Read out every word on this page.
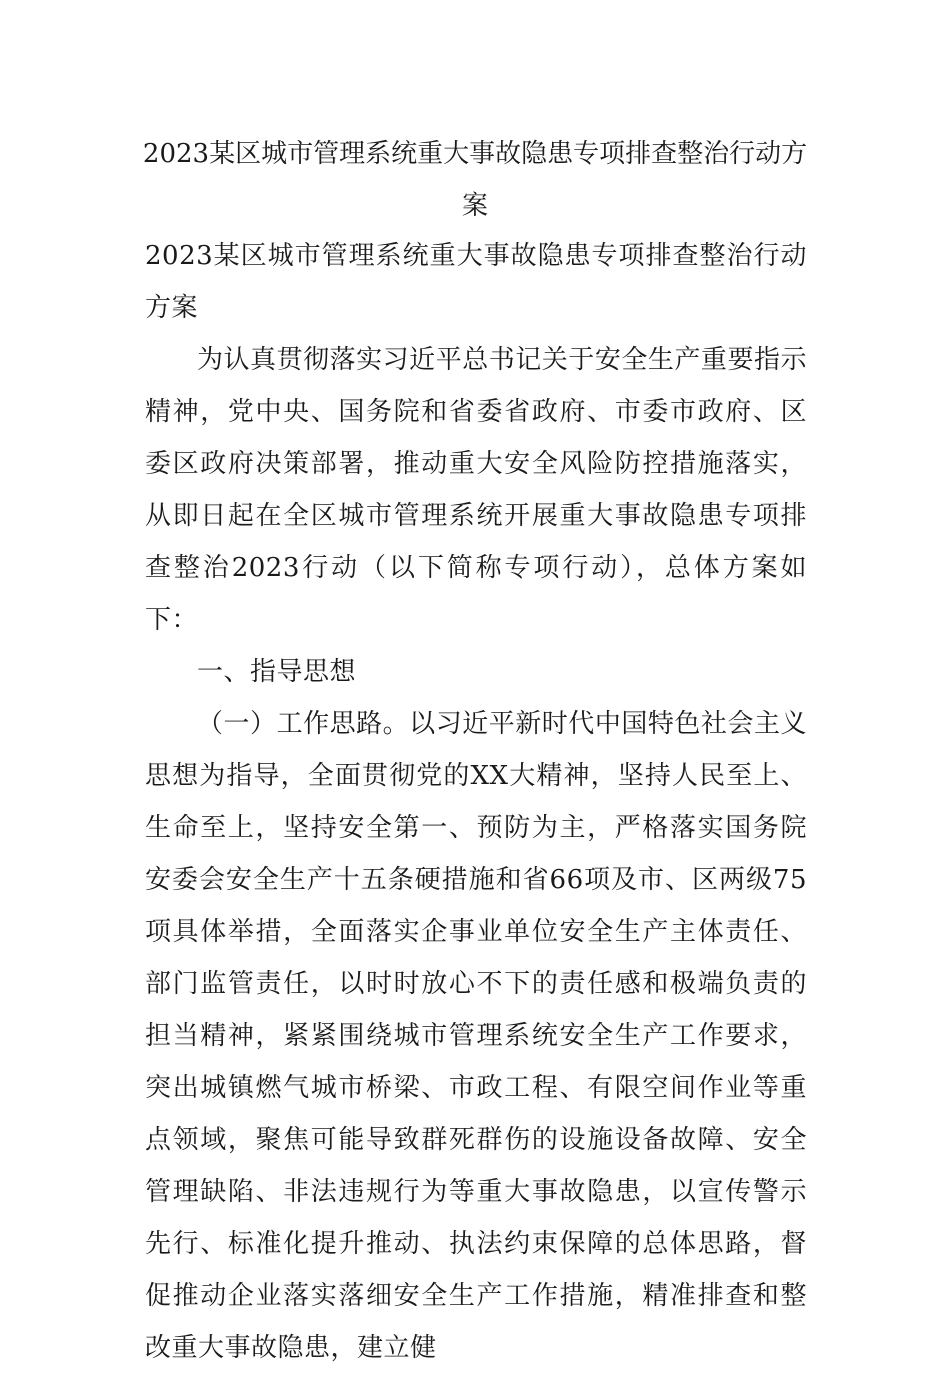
2023某区城市管理系统重大事故隐患专项排查整治行动方案

2023某区城市管理系统重大事故隐患专项排查整治行动方案

为认真贯彻落实习近平总书记关于安全生产重要指示精神，党中央、国务院和省委省政府、市委市政府、区委区政府决策部署，推动重大安全风险防控措施落实，从即日起在全区城市管理系统开展重大事故隐患专项排查整治2023行动（以下简称专项行动），总体方案如下：

一、指导思想

（一）工作思路。以习近平新时代中国特色社会主义思想为指导，全面贯彻党的XX大精神，坚持人民至上、生命至上，坚持安全第一、预防为主，严格落实国务院安委会安全生产十五条硬措施和省66项及市、区两级75项具体举措，全面落实企事业单位安全生产主体责任、部门监管责任，以时时放心不下的责任感和极端负责的担当精神，紧紧围绕城市管理系统安全生产工作要求，突出城镇燃气城市桥梁、市政工程、有限空间作业等重点领域，聚焦可能导致群死群伤的设施设备故障、安全管理缺陷、非法违规行为等重大事故隐患，以宣传警示先行、标准化提升推动、执法约束保障的总体思路，督促推动企业落实落细安全生产工作措施，精准排查和整改重大事故隐患，建立健
